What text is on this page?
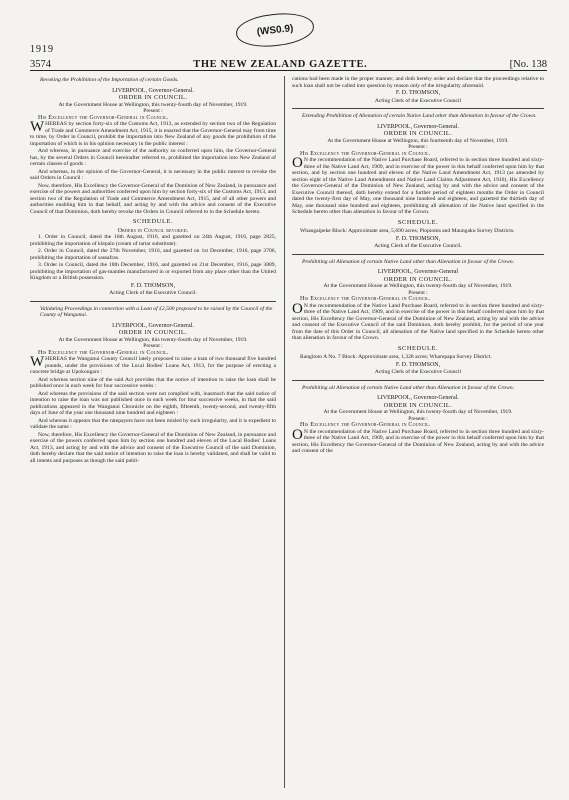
(WS0.9)
1919
3574	THE NEW ZEALAND GAZETTE.	[No. 138
Revoking the Prohibition of the Importation of certain Goods.
LIVERPOOL, Governor-General.
ORDER IN COUNCIL.
At the Government House at Wellington, this twenty-fourth day of November, 1919.
Present :
His Excellency the Governor-General in Council.

WHEREAS by section forty-six of the Customs Act, 1913, as extended by section two of the Regulation of Trade and Commerce Amendment Act, 1915, it is enacted that the Governor-General may from time to time, by Order in Council, prohibit the importation into New Zealand of any goods the prohibition of the importation of which is in his opinion necessary in the public interest :

And whereas, in pursuance and exercise of the authority so conferred upon him, the Governor-General has, by the several Orders in Council hereinafter referred to, prohibited the importation into New Zealand of certain classes of goods :

And whereas, in the opinion of the Governor-General, it is necessary in the public interest to revoke the said Orders in Council :

Now, therefore, His Excellency the Governor-General of the Dominion of New Zealand, in pursuance and exercise of the powers and authorities conferred upon him by section forty-six of the Customs Act, 1913, and section two of the Regulation of Trade and Commerce Amendment Act, 1915, and of all other powers and authorities enabling him in that behalf, and acting by and with the advice and consent of the Executive Council of that Dominion, doth hereby revoke the Orders in Council referred to in the Schedule hereto.

SCHEDULE.
Orders in Council revoked.

1. Order in Council, dated the 16th August, 1916, and gazetted on 24th August, 1916, page 2825, prohibiting the importation of klepalo (cream of tartar substitute).

2. Order in Council, dated the 27th November, 1916, and gazetted on 1st December, 1916, page 3706, prohibiting the importation of sassafras.

3. Order in Council, dated the 18th December, 1916, and gazetted on 21st December, 1916, page 3889, prohibiting the importation of gas-mantles manufactured in or exported from any place other than the United Kingdom or a British possession.

F. D. THOMSON,
Acting Clerk of the Executive Council.
Validating Proceedings in connection with a Loan of £2,500 proposed to be raised by the Council of the County of Wanganui.
LIVERPOOL, Governor-General.
ORDER IN COUNCIL.
At the Government House at Wellington, this twenty-fourth day of November, 1919.
Present :
His Excellency the Governor-General in Council.

WHEREAS the Wanganui County Council lately proposed to raise a loan of two thousand five hundred pounds, under the provisions of the Local Bodies' Loans Act, 1913, for the purpose of erecting a concrete bridge at Upokongaro :

And whereas section nine of the said Act provides that the notice of intention to raise the loan shall be published once in each week for four successive weeks :

And whereas the provisions of the said section were not complied with, inasmuch that the said notice of intention to raise the loan was not published once in each week for four successive weeks, in that the said publications appeared in the Wanganui Chronicle on the eighth, fifteenth, twenty-second, and twenty-fifth days of June of the year one thousand nine hundred and eighteen :

And whereas it appears that the ratepayers have not been misled by such irregularity, and it is expedient to validate the same :

Now, therefore, His Excellency the Governor-General of the Dominion of New Zealand, in pursuance and exercise of the powers conferred upon him by section one hundred and eleven of the Local Bodies' Loans Act, 1913, and acting by and with the advice and consent of the Executive Council of the said Dominion, doth hereby declare that the said notice of intention to raise the loan is hereby validated, and shall be valid to all intents and purposes as though the said publi-

cations had been made in the proper manner; and doth hereby order and declare that the proceedings relative to such loan shall not be called into question by reason only of the irregularity aforesaid.

F. D. THOMSON,
Acting Clerk of the Executive Council
Extending Prohibition of Alienation of certain Native Land other than Alienation in favour of the Crown.
LIVERPOOL, Governor-General.
ORDER IN COUNCIL.
At the Government House at Wellington, this fourteenth day of November, 1919.
Present :
His Excellency the Governor-General in Council.

O N the recommendation of the Native Land Purchase Board, referred to in section three hundred and sixty-three of the Native Land Act, 1909, and in exercise of the power in this behalf conferred upon him by that section, and by section one hundred and eleven of the Native Land Amendment Act, 1913 (as amended by section eight of the Native Land Amendment and Native Land Claims Adjustment Act, 1916), His Excellency the Governor-General of the Dominion of New Zealand, acting by and with the advice and consent of the Executive Council thereof, doth hereby extend for a further period of eighteen months the Order in Council dated the twenty-first day of May, one thousand nine hundred and eighteen, and gazetted the thirtieth day of May, one thousand nine hundred and eighteen, prohibiting all alienation of the Native land specified in the Schedule hereto other than alienation in favour of the Crown.

SCHEDULE.

Whangaipeke Block: Approximate area, 5,690 acres; Piopiotea and Maungaku Survey Districts.

F. D. THOMSON,
Acting Clerk of the Executive Council.
Prohibiting all Alienation of certain Native Land other than Alienation in favour of the Crown.
LIVERPOOL, Governor-General
ORDER IN COUNCIL.
At the Government House at Wellington, this twenty-fourth day of November, 1919.
Present :
His Excellency the Governor-General in Council.

O N the recommendation of the Native Land Purchase Board, referred to in section three hundred and sixty-three of the Native Land Act, 1909, and in exercise of the power in this behalf conferred upon him by that section, His Excellency the Governor-General of the Dominion of New Zealand, acting by and with the advice and consent of the Executive Council of the said Dominion, doth hereby prohibit, for the period of one year from the date of this Order in Council, all alienation of the Native land specified in the Schedule hereto other than alienation in favour of the Crown.

SCHEDULE.

Rangitoto A No. 7 Block: Approximate area, 1,328 acres; Wharepapa Survey District.

F. D. THOMSON,
Acting Clerk of the Executive Council
Prohibiting all Alienation of certain Native Land other than Alienation in favour of the Crown.
LIVERPOOL, Governor-General.
ORDER IN COUNCIL.
At the Government House at Wellington, this twenty-fourth day of November, 1919.
Present :
His Excellency the Governor-General in Council.

O N the recommendation of the Native Land Purchase Board, referred to in section three hundred and sixty-three of the Native Land Act, 1909, and in exercise of the power in this behalf conferred upon him by that section, His Excellency the Governor-General of the Dominion of New Zealand, acting by and with the advice and consent of the
